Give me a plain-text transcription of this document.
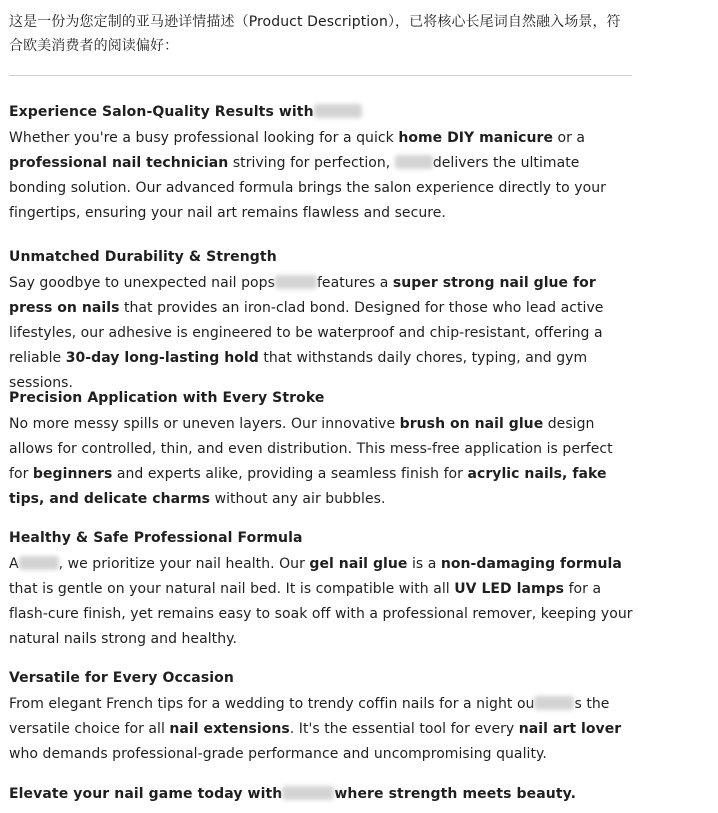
这是一份为您定制的亚马逊详情描述（Product Description），已将核心长尾词自然融入场景，符合欧美消费者的阅读偏好：

Experience Salon-Quality Results with

Whether you're a busy professional looking for a quick home DIY manicure or a professional nail technician striving for perfection,	delivers the ultimate bonding solution. Our advanced formula brings the salon experience directly to your fingertips, ensuring your nail art remains flawless and secure.

Unmatched Durability & Strength

Say goodbye to unexpected nail pops	features a super strong nail glue for press on nails that provides an iron-clad bond. Designed for those who lead active lifestyles, our adhesive is engineered to be waterproof and chip-resistant, offering a reliable 30-day long-lasting hold that withstands daily chores, typing, and gym sessions.

Precision Application with Every Stroke

No more messy spills or uneven layers. Our innovative brush on nail glue design allows for controlled, thin, and even distribution. This mess-free application is perfect for beginners and experts alike, providing a seamless finish for acrylic nails, fake tips, and delicate charms without any air bubbles.

Healthy & Safe Professional Formula

A	, we prioritize your nail health. Our gel nail glue is a non-damaging formula that is gentle on your natural nail bed. It is compatible with all UV LED lamps for a flash-cure finish, yet remains easy to soak off with a professional remover, keeping your natural nails strong and healthy.

Versatile for Every Occasion

From elegant French tips for a wedding to trendy coffin nails for a night ou	s the versatile choice for all nail extensions. It's the essential tool for every nail art lover who demands professional-grade performance and uncompromising quality.

Elevate your nail game today with	where strength meets beauty.
